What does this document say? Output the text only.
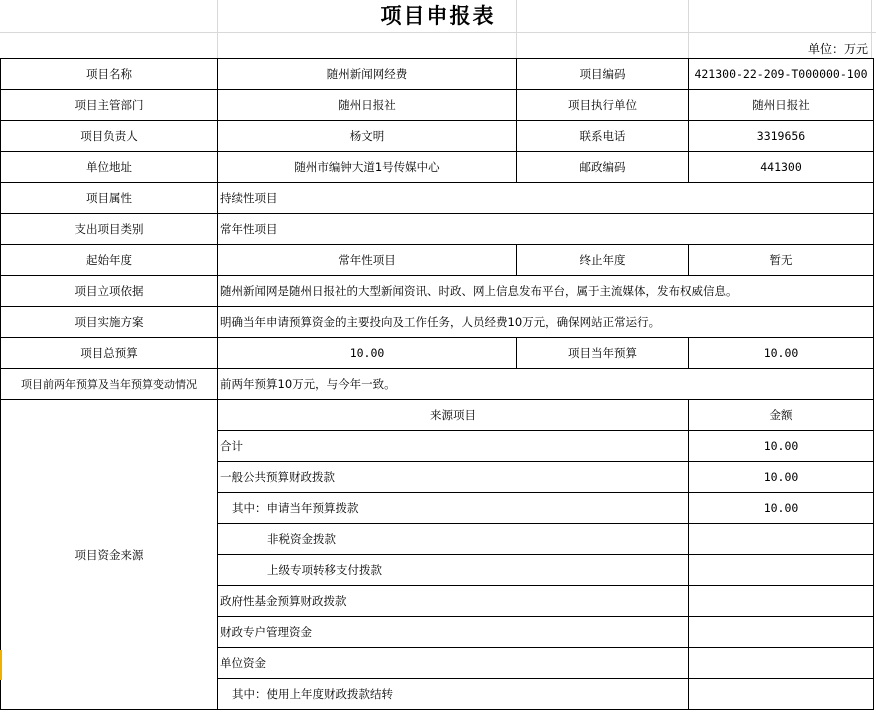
项目申报表
单位：万元
项目名称	随州新闻网经费	项目编码	421300-22-209-T000000-100
项目主管部门	随州日报社	项目执行单位	随州日报社
项目负责人	杨文明	联系电话	3319656
单位地址	随州市编钟大道1号传媒中心	邮政编码	441300
项目属性	持续性项目		
支出项目类别	常年性项目		
起始年度	常年性项目	终止年度	暂无
项目立项依据	随州新闻网是随州日报社的大型新闻资讯、时政、网上信息发布平台，属于主流媒体，发布权威信息。		
项目实施方案	明确当年申请预算资金的主要投向及工作任务，人员经费10万元，确保网站正常运行。		
项目总预算	10.00	项目当年预算	10.00
项目前两年预算及当年预算变动情况	前两年预算10万元，与今年一致。		
项目资金来源	来源项目		金额
	合计		10.00
	一般公共预算财政拨款		10.00
	其中：申请当年预算拨款		10.00
	非税资金拨款		
	上级专项转移支付拨款		
	政府性基金预算财政拨款		
	财政专户管理资金		
	单位资金		
	其中：使用上年度财政拨款结转		
